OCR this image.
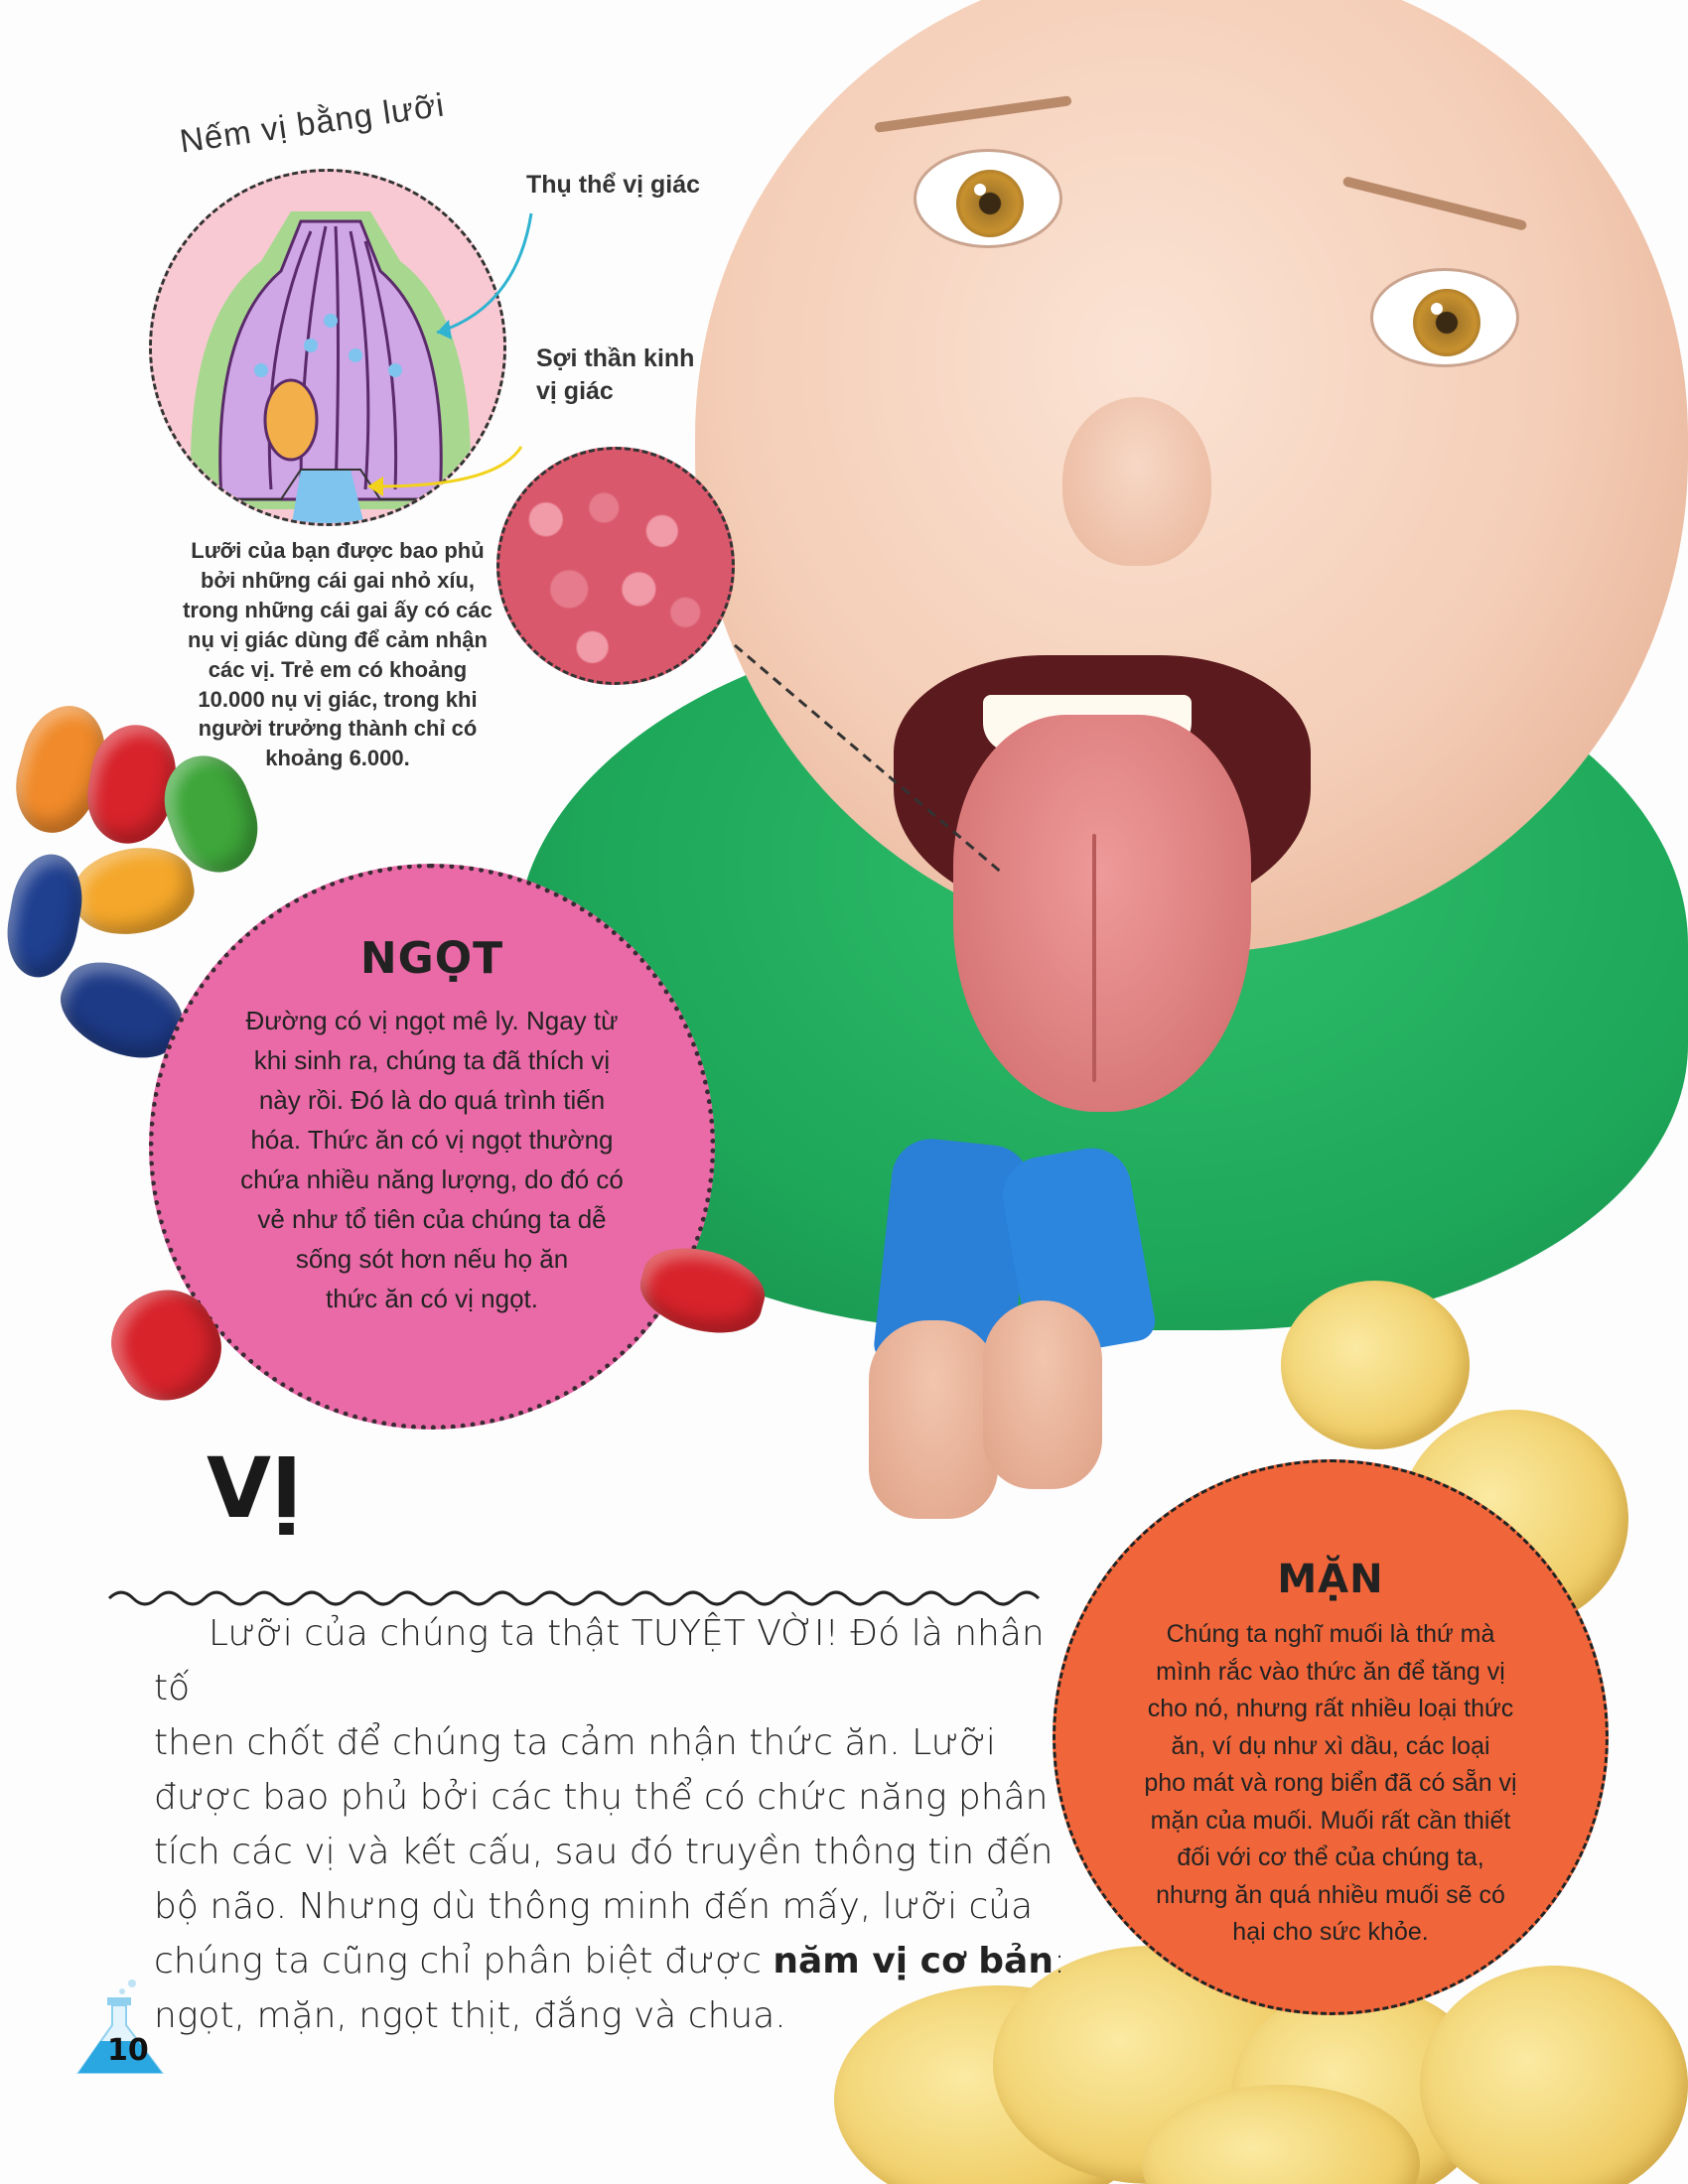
NGỌT
Đường có vị ngọt mê ly. Ngay từ
khi sinh ra, chúng ta đã thích vị
này rồi. Đó là do quá trình tiến
hóa. Thức ăn có vị ngọt thường
chứa nhiều năng lượng, do đó có
vẻ như tổ tiên của chúng ta dễ
sống sót hơn nếu họ ăn
thức ăn có vị ngọt.
Nếm vị bằng lưỡi
Thụ thể vị giác
Sợi thần kinh
vị giác
Lưỡi của bạn được bao phủ
bởi những cái gai nhỏ xíu,
trong những cái gai ấy có các
nụ vị giác dùng để cảm nhận
các vị. Trẻ em có khoảng
10.000 nụ vị giác, trong khi
người trưởng thành chỉ có
khoảng 6.000.
MẶN
Chúng ta nghĩ muối là thứ mà
mình rắc vào thức ăn để tăng vị
cho nó, nhưng rất nhiều loại thức
ăn, ví dụ như xì dầu, các loại
pho mát và rong biển đã có sẵn vị
mặn của muối. Muối rất cần thiết
đối với cơ thể của chúng ta,
nhưng ăn quá nhiều muối sẽ có
hại cho sức khỏe.
VỊ
Lưỡi của chúng ta thật TUYỆT VỜI! Đó là nhân tố
then chốt để chúng ta cảm nhận thức ăn. Lưỡi
được bao phủ bởi các thụ thể có chức năng phân
tích các vị và kết cấu, sau đó truyền thông tin đến
bộ não. Nhưng dù thông minh đến mấy, lưỡi của
chúng ta cũng chỉ phân biệt được năm vị cơ bản:
ngọt, mặn, ngọt thịt, đắng và chua.
10
